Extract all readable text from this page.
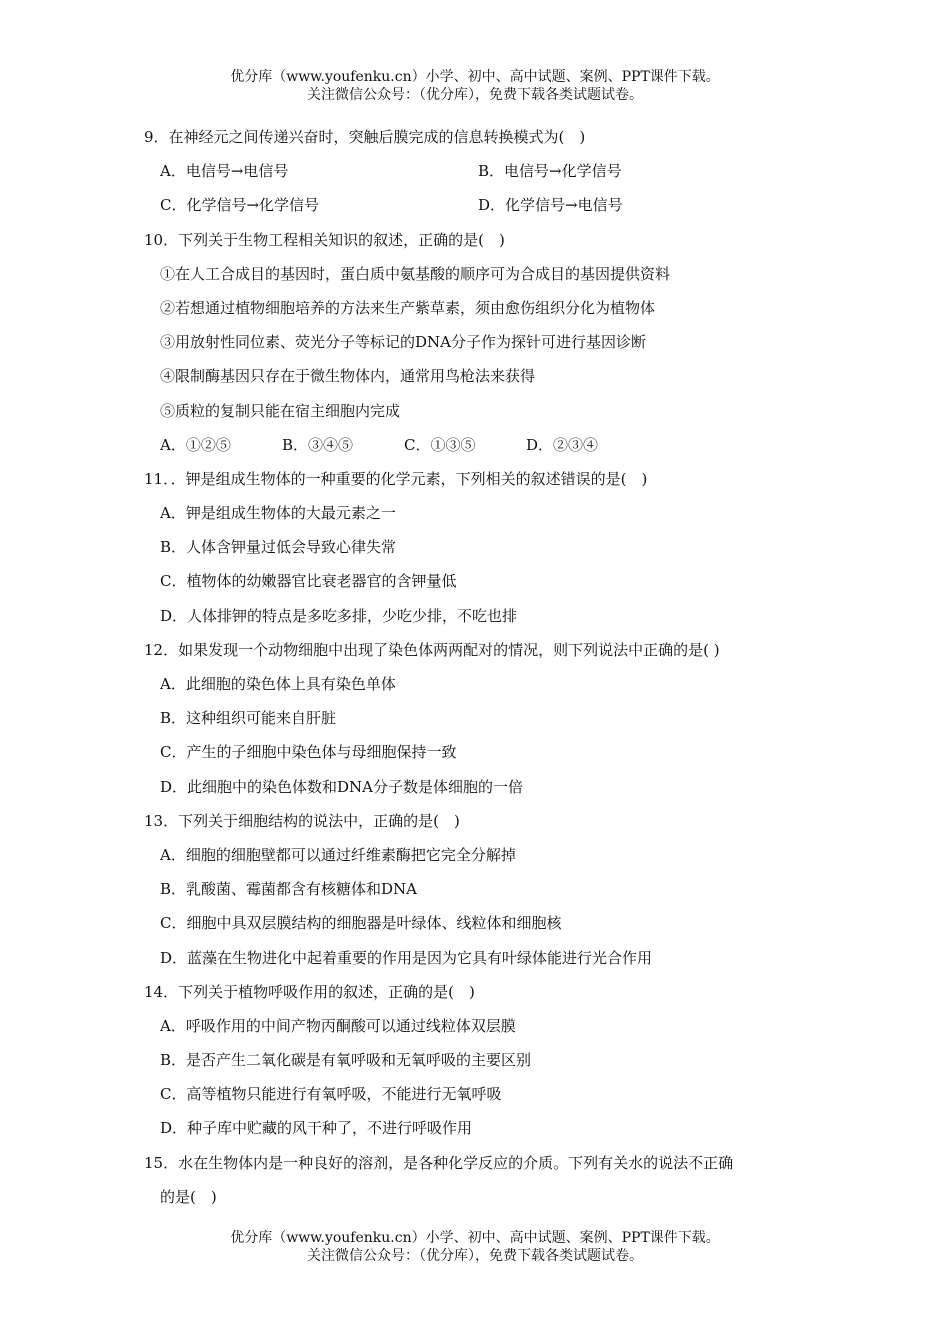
优分库（www.youfenku.cn）小学、初中、高中试题、案例、PPT课件下载。
关注微信公众号：（优分库），免费下载各类试题试卷。
9．在神经元之间传递兴奋时，突触后膜完成的信息转换模式为(　)
A．电信号→电信号	B．电信号→化学信号
C．化学信号→化学信号	D．化学信号→电信号
10．下列关于生物工程相关知识的叙述，正确的是(　)
①在人工合成目的基因时，蛋白质中氨基酸的顺序可为合成目的基因提供资料
②若想通过植物细胞培养的方法来生产紫草素，须由愈伤组织分化为植物体
③用放射性同位素、荧光分子等标记的DNA分子作为探针可进行基因诊断
④限制酶基因只存在于微生物体内，通常用鸟枪法来获得
⑤质粒的复制只能在宿主细胞内完成
A．①②⑤	B．③④⑤	C．①③⑤	D．②③④
11．．钾是组成生物体的一种重要的化学元素，下列相关的叙述错误的是(　)
A．钾是组成生物体的大最元素之一
B．人体含钾量过低会导致心律失常
C．植物体的幼嫩器官比衰老器官的含钾量低
D．人体排钾的特点是多吃多排，少吃少排，不吃也排
12．如果发现一个动物细胞中出现了染色体两两配对的情况，则下列说法中正确的是( )
A．此细胞的染色体上具有染色单体
B．这种组织可能来自肝脏
C．产生的子细胞中染色体与母细胞保持一致
D．此细胞中的染色体数和DNA分子数是体细胞的一倍
13．下列关于细胞结构的说法中，正确的是(　)
A．细胞的细胞壁都可以通过纤维素酶把它完全分解掉
B．乳酸菌、霉菌都含有核糖体和DNA
C．细胞中具双层膜结构的细胞器是叶绿体、线粒体和细胞核
D．蓝藻在生物进化中起着重要的作用是因为它具有叶绿体能进行光合作用
14．下列关于植物呼吸作用的叙述，正确的是(　)
A．呼吸作用的中间产物丙酮酸可以通过线粒体双层膜
B．是否产生二氧化碳是有氧呼吸和无氧呼吸的主要区别
C．高等植物只能进行有氧呼吸，不能进行无氧呼吸
D．种子库中贮藏的风干种了，不进行呼吸作用
15．水在生物体内是一种良好的溶剂，是各种化学反应的介质。下列有关水的说法不正确
的是(　)
优分库（www.youfenku.cn）小学、初中、高中试题、案例、PPT课件下载。
关注微信公众号：（优分库），免费下载各类试题试卷。
